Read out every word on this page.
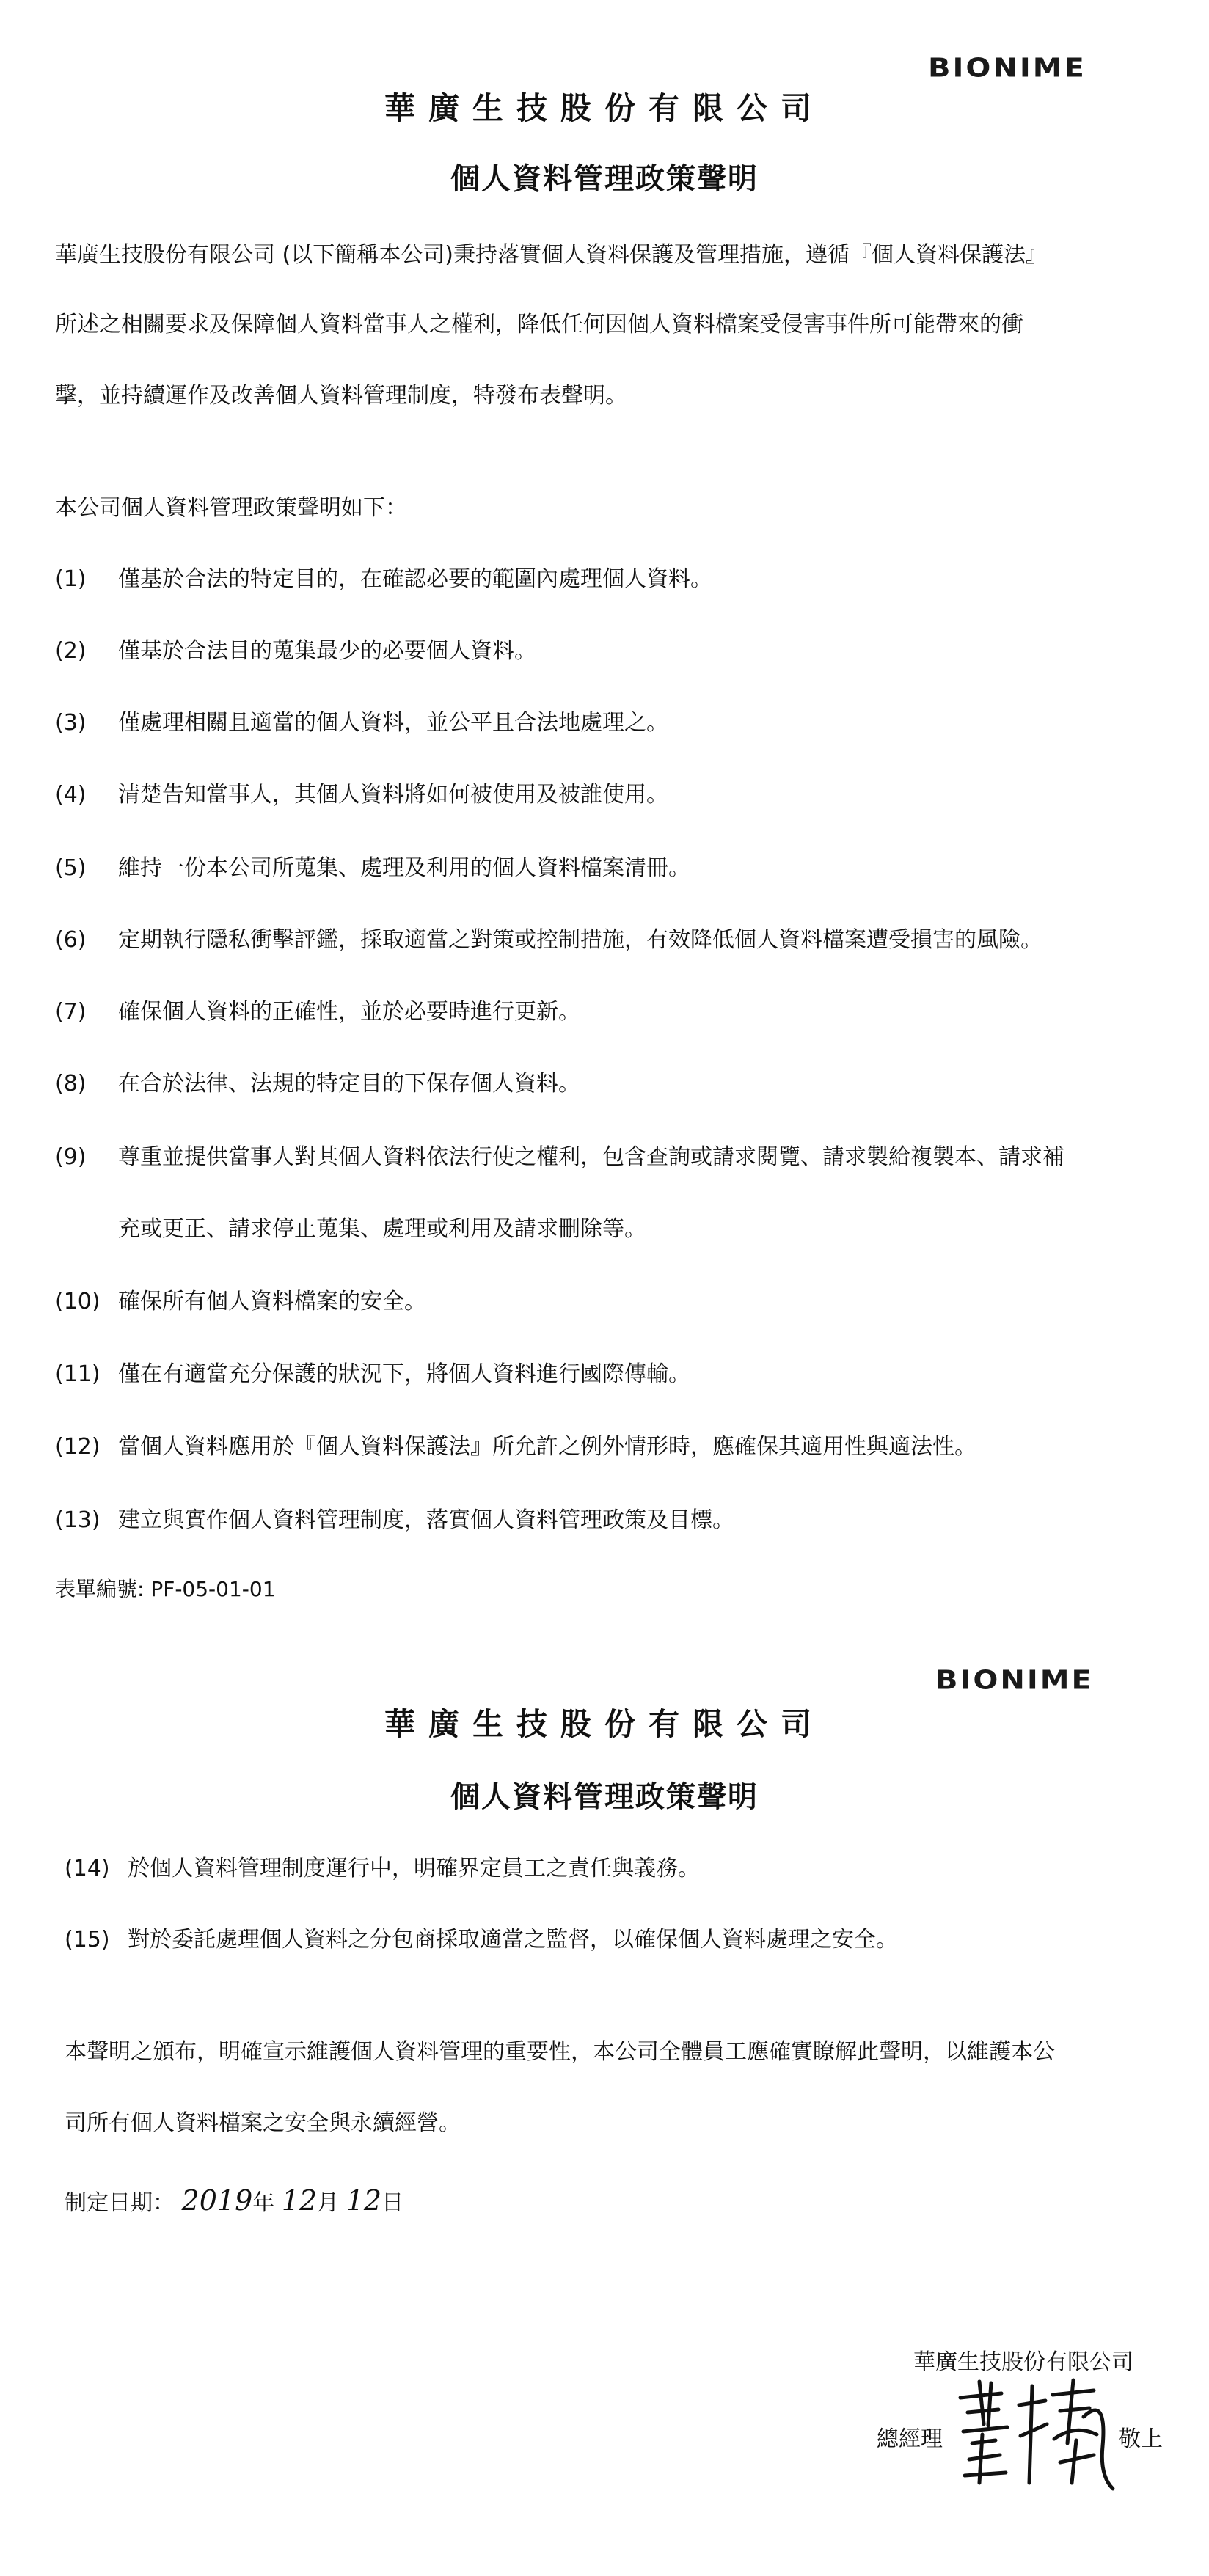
BIONIME
華廣生技股份有限公司
個人資料管理政策聲明
華廣生技股份有限公司 (以下簡稱本公司)秉持落實個人資料保護及管理措施，遵循『個人資料保護法』
所述之相關要求及保障個人資料當事人之權利，降低任何因個人資料檔案受侵害事件所可能帶來的衝
擊，並持續運作及改善個人資料管理制度，特發布表聲明。
本公司個人資料管理政策聲明如下：
(1) 僅基於合法的特定目的，在確認必要的範圍內處理個人資料。
(2) 僅基於合法目的蒐集最少的必要個人資料。
(3) 僅處理相關且適當的個人資料，並公平且合法地處理之。
(4) 清楚告知當事人，其個人資料將如何被使用及被誰使用。
(5) 維持一份本公司所蒐集、處理及利用的個人資料檔案清冊。
(6) 定期執行隱私衝擊評鑑，採取適當之對策或控制措施，有效降低個人資料檔案遭受損害的風險。
(7) 確保個人資料的正確性，並於必要時進行更新。
(8) 在合於法律、法規的特定目的下保存個人資料。
(9) 尊重並提供當事人對其個人資料依法行使之權利，包含查詢或請求閱覽、請求製給複製本、請求補
充或更正、請求停止蒐集、處理或利用及請求刪除等。
(10) 確保所有個人資料檔案的安全。
(11) 僅在有適當充分保護的狀況下，將個人資料進行國際傳輸。
(12) 當個人資料應用於『個人資料保護法』所允許之例外情形時，應確保其適用性與適法性。
(13) 建立與實作個人資料管理制度，落實個人資料管理政策及目標。
表單編號: PF-05-01-01
BIONIME
華廣生技股份有限公司
個人資料管理政策聲明
(14) 於個人資料管理制度運行中，明確界定員工之責任與義務。
(15) 對於委託處理個人資料之分包商採取適當之監督，以確保個人資料處理之安全。
本聲明之頒布，明確宣示維護個人資料管理的重要性，本公司全體員工應確實瞭解此聲明，以維護本公
司所有個人資料檔案之安全與永續經營。
制定日期： 2019年 12月 12日
華廣生技股份有限公司
總經理	敬上
